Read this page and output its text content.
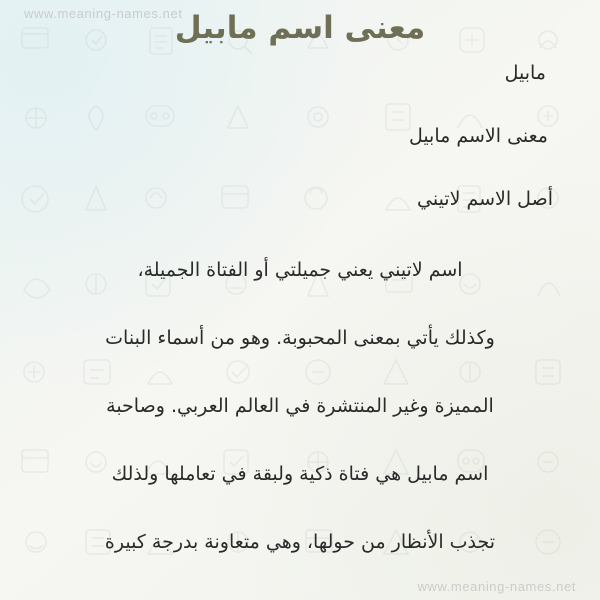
www.meaning-names.net
معنى اسم مابيل
مابيل
معنى الاسم مابيل
أصل الاسم لاتيني
اسم لاتيني يعني جميلتي أو الفتاة الجميلة،
وكذلك يأتي بمعنى المحبوبة. وهو من أسماء البنات
المميزة وغير المنتشرة في العالم العربي. وصاحبة
اسم مابيل هي فتاة ذكية ولبقة في تعاملها ولذلك
تجذب الأنظار من حولها، وهي متعاونة بدرجة كبيرة
www.meaning-names.net
